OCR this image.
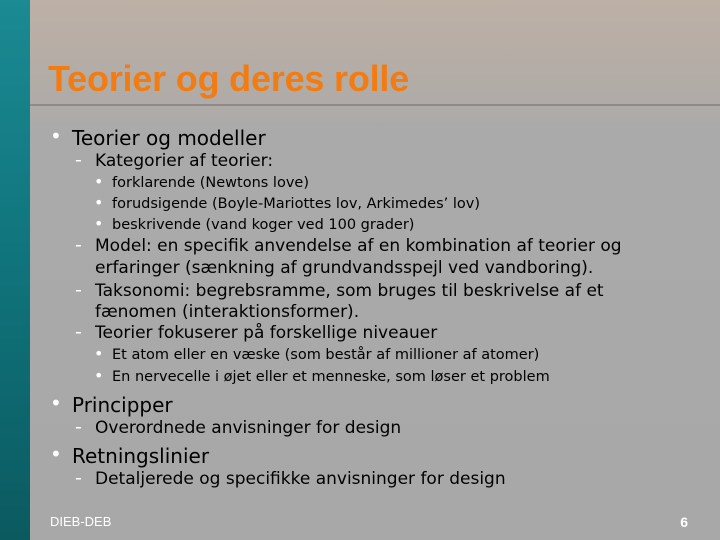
Teorier og deres rolle
• Teorier og modeller
- Kategorier af teorier:
• forklarende (Newtons love)
• forudsigende (Boyle-Mariottes lov, Arkimedes’ lov)
• beskrivende (vand koger ved 100 grader)
- Model: en specifik anvendelse af en kombination af teorier og
erfaringer (sænkning af grundvandsspejl ved vandboring).
- Taksonomi: begrebsramme, som bruges til beskrivelse af et
fænomen (interaktionsformer).
- Teorier fokuserer på forskellige niveauer
• Et atom eller en væske (som består af millioner af atomer)
• En nervecelle i øjet eller et menneske, som løser et problem
• Principper
- Overordnede anvisninger for design
• Retningslinier
- Detaljerede og specifikke anvisninger for design
DIEB-DEB	6
